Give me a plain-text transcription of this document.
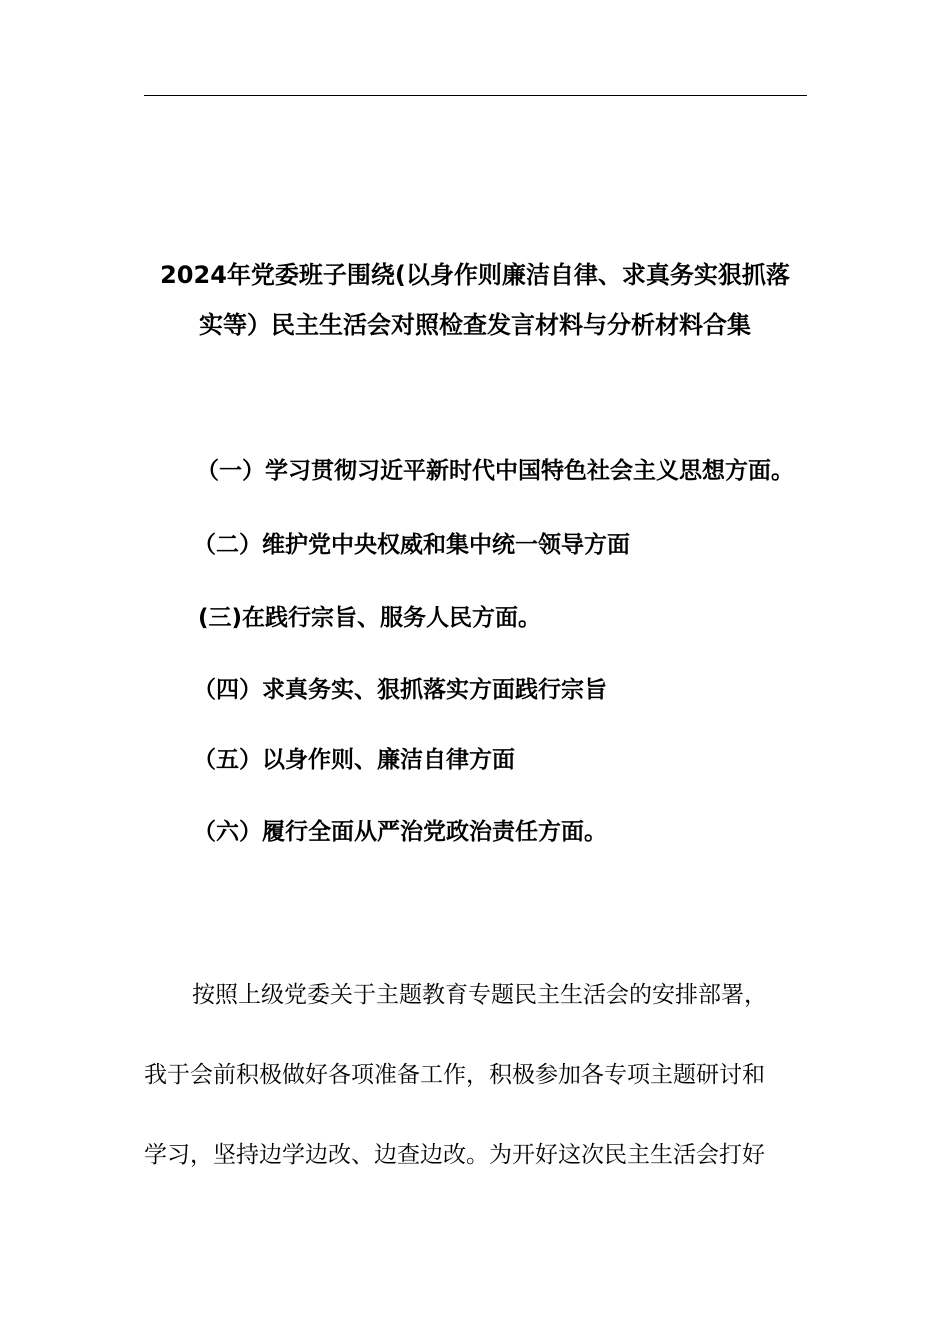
2024年党委班子围绕(以身作则廉洁自律、求真务实狠抓落
实等）民主生活会对照检查发言材料与分析材料合集
（一）学习贯彻习近平新时代中国特色社会主义思想方面。
（二）维护党中央权威和集中统一领导方面
(三)在践行宗旨、服务人民方面。
（四）求真务实、狠抓落实方面践行宗旨
（五）以身作则、廉洁自律方面
（六）履行全面从严治党政治责任方面。

按照上级党委关于主题教育专题民主生活会的安排部署，
我于会前积极做好各项准备工作，积极参加各专项主题研讨和
学习，坚持边学边改、边查边改。为开好这次民主生活会打好
